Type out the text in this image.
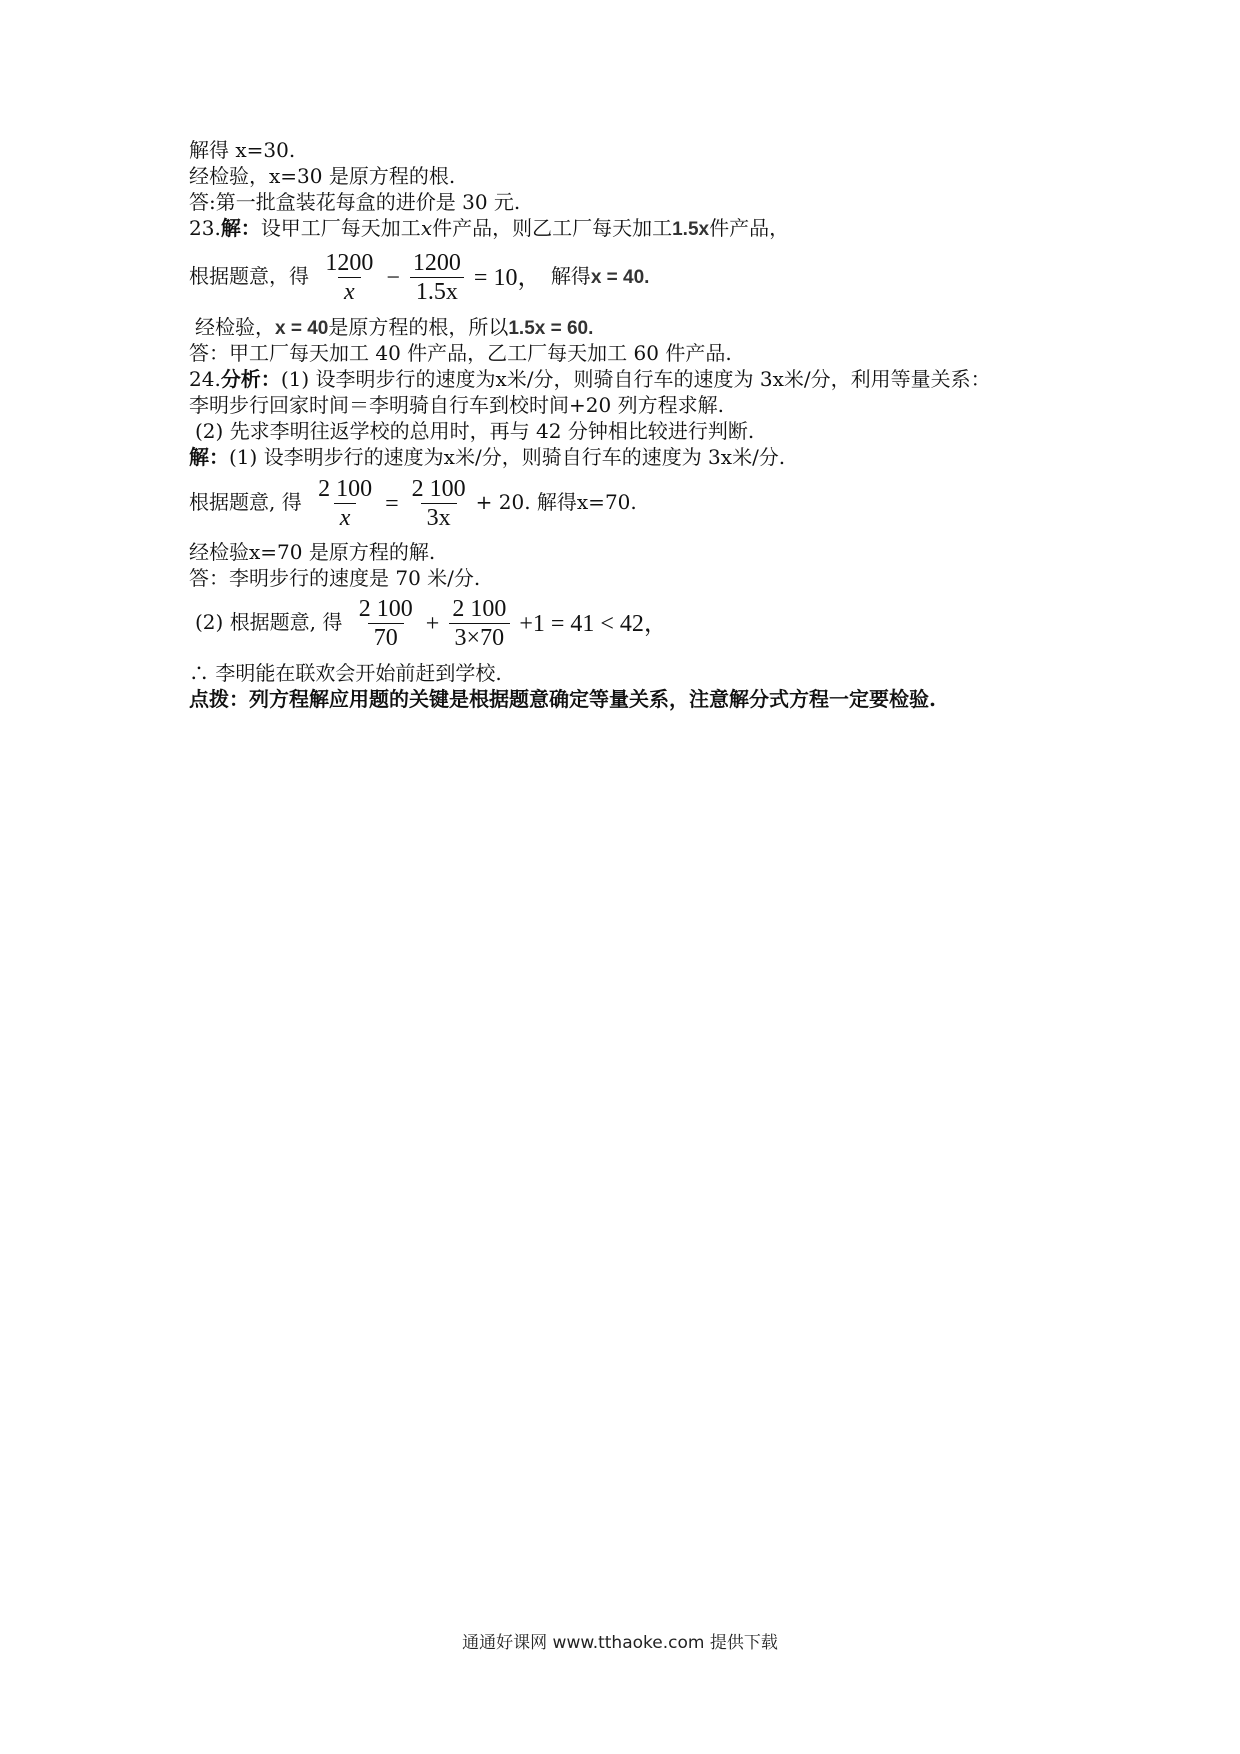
解得 x=30.
经检验，x=30 是原方程的根.
答:第一批盒装花每盒的进价是 30 元.
23.解：设甲工厂每天加工x件产品，则乙工厂每天加工1.5x件产品，
根据题意，得 $\frac{1200}{x} - \frac{1200}{1.5x} = 10$， 解得x = 40.
经检验，x = 40是原方程的根，所以1.5x = 60.
答：甲工厂每天加工 40 件产品，乙工厂每天加工 60 件产品.
24.分析：(1) 设李明步行的速度为x米/分，则骑自行车的速度为 3x米/分，利用等量关系：
李明步行回家时间＝李明骑自行车到校时间+20 列方程求解.
(2) 先求李明往返学校的总用时，再与 42 分钟相比较进行判断.
解：(1) 设李明步行的速度为x米/分，则骑自行车的速度为 3x米/分.
根据题意, 得 $\frac{2 100}{x} = \frac{2 100}{3x} + 20$. 解得x=70.
经检验x=70 是原方程的解.
答：李明步行的速度是 70 米/分.
(2) 根据题意, 得 $\frac{2 100}{70} + \frac{2 100}{3\times 70} +1 = 41 < 42$，
∴ 李明能在联欢会开始前赶到学校.
点拨：列方程解应用题的关键是根据题意确定等量关系，注意解分式方程一定要检验.
通通好课网 www.tthaoke.com 提供下载
